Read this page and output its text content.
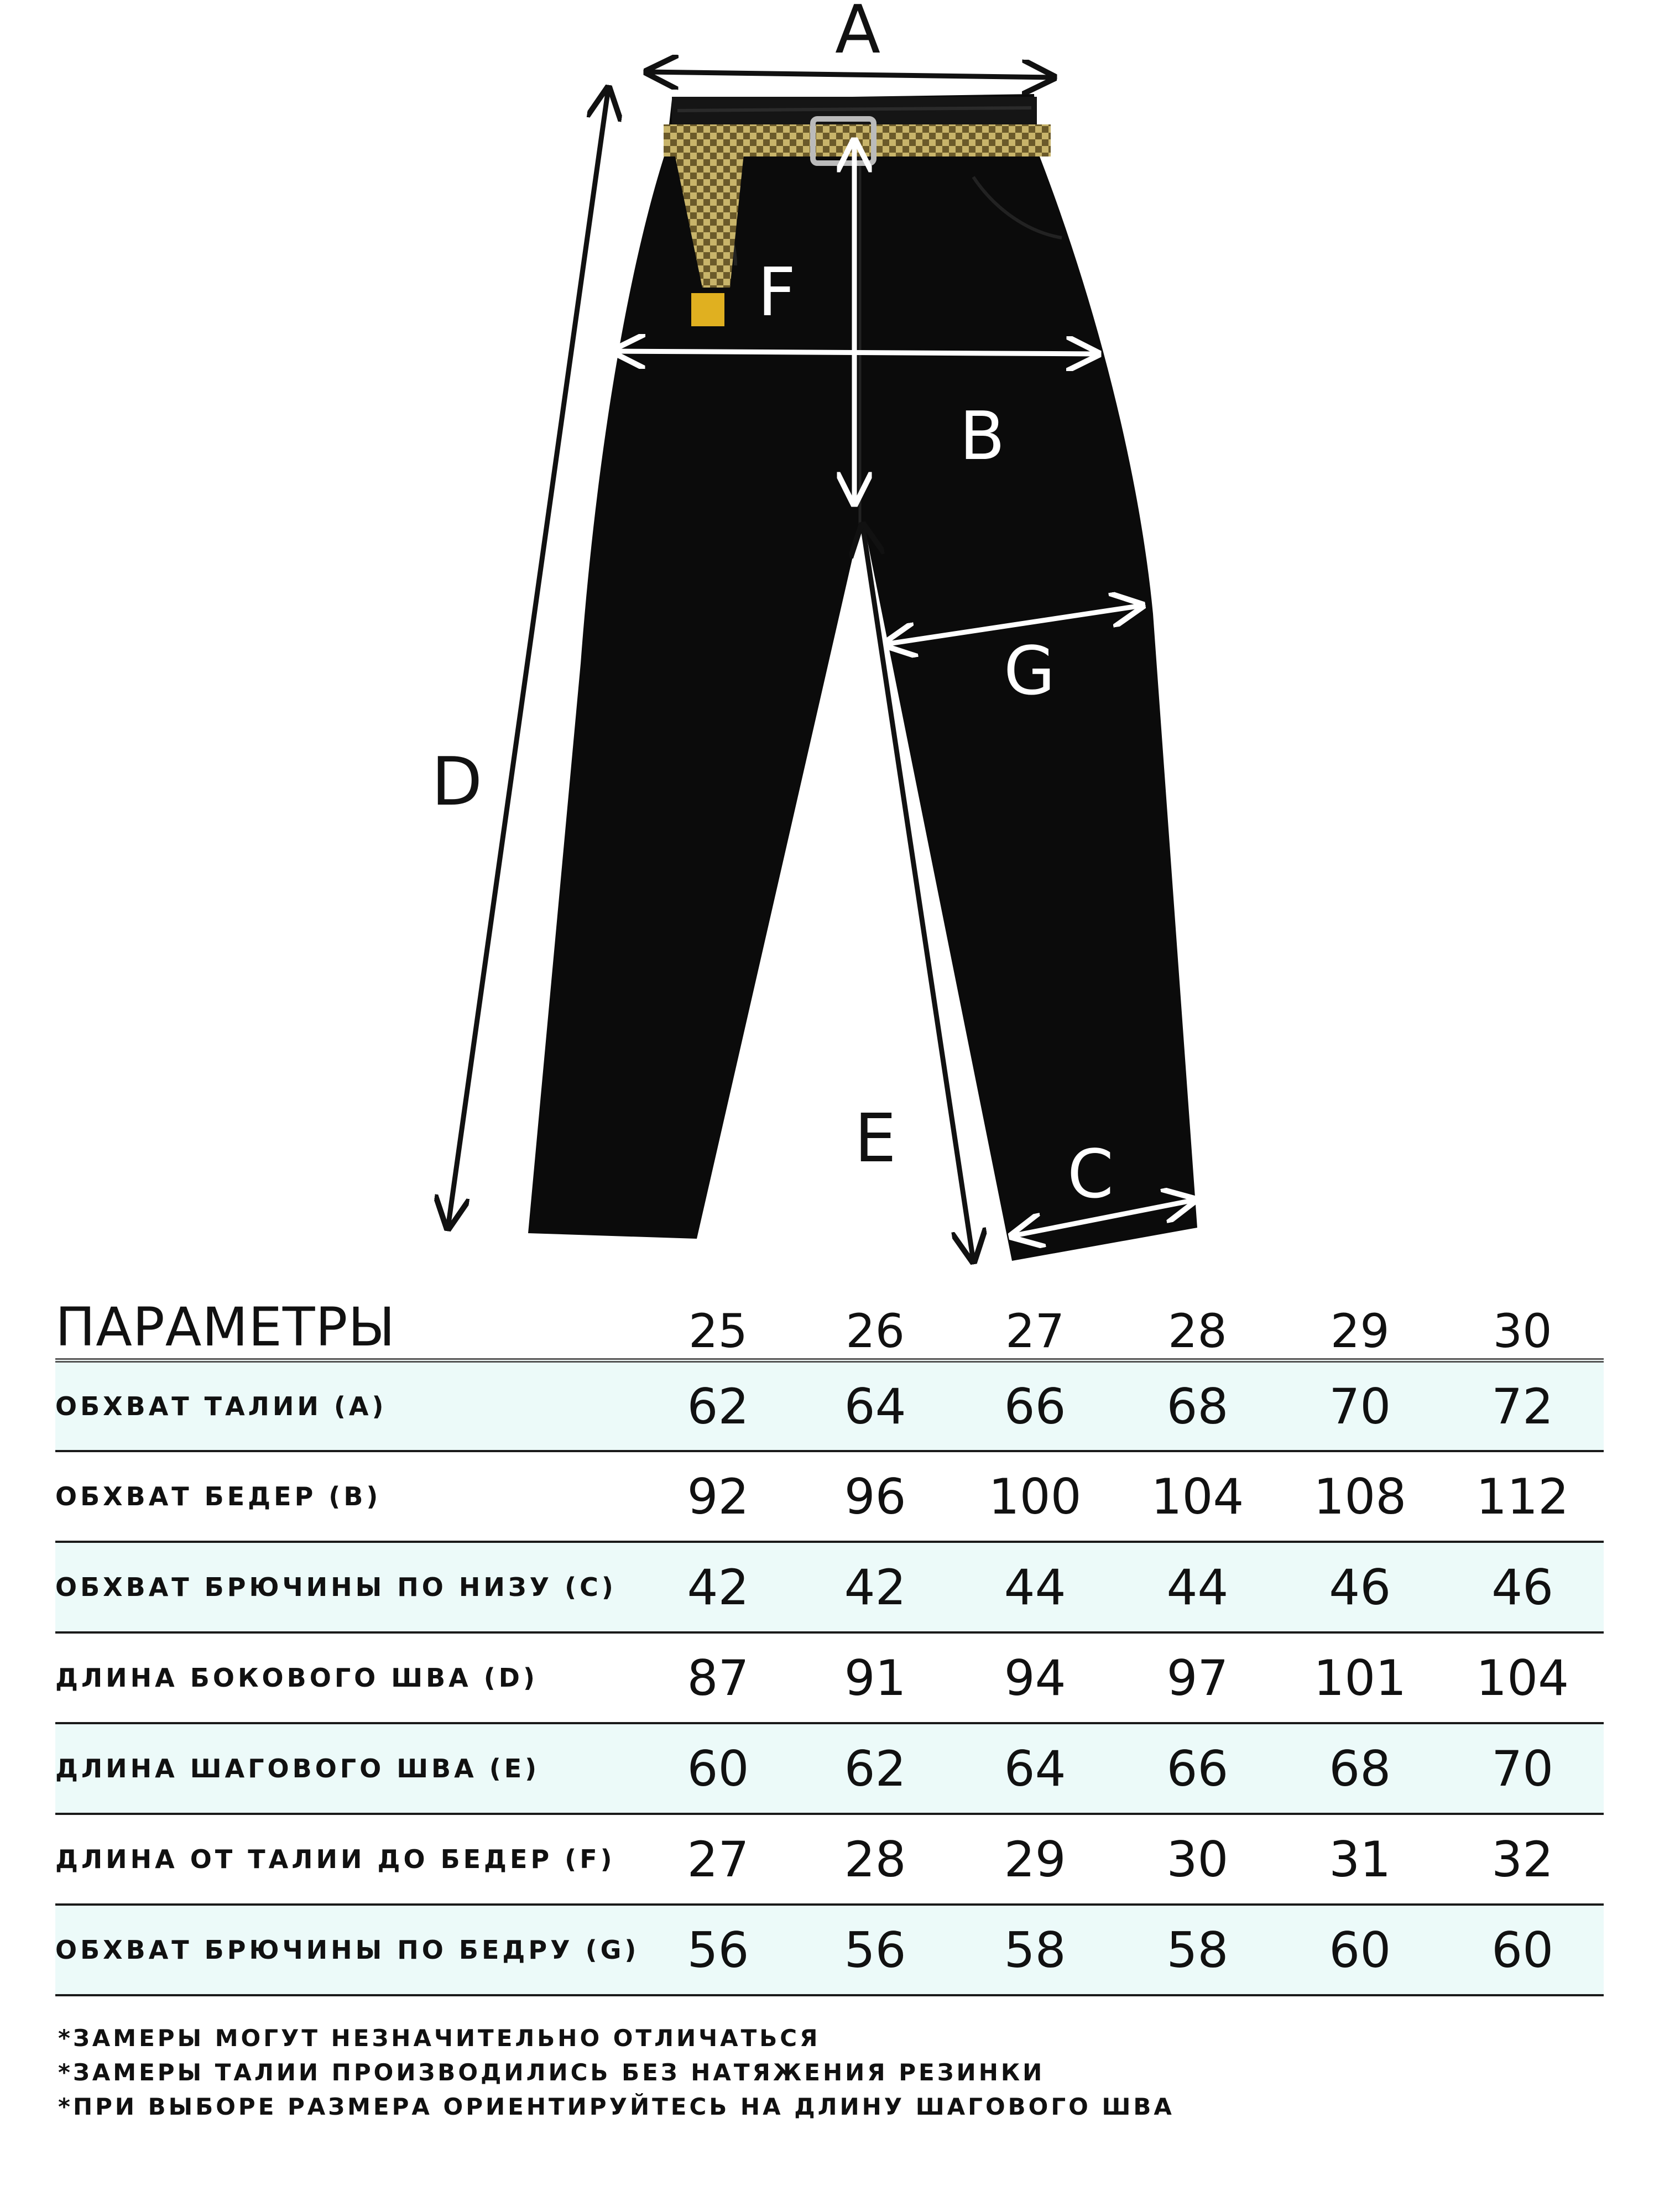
A
F
B
G
D
E	C
ПАРАМЕТРЫ	25	26	27	28	29	30
ОБХВАТ ТАЛИИ (A)	62	64	66	68	70	72
ОБХВАТ БЕДЕР (B)	92	96	100	104	108	112
ОБХВАТ БРЮЧИНЫ ПО НИЗУ (C)	42	42	44	44	46	46
ДЛИНА БОКОВОГО ШВА (D)	87	91	94	97	101	104
ДЛИНА ШАГОВОГО ШВА (E)	60	62	64	66	68	70
ДЛИНА ОТ ТАЛИИ ДО БЕДЕР (F)	27	28	29	30	31	32
ОБХВАТ БРЮЧИНЫ ПО БЕДРУ (G)	56	56	58	58	60	60
*ЗАМЕРЫ МОГУТ НЕЗНАЧИТЕЛЬНО ОТЛИЧАТЬСЯ
*ЗАМЕРЫ ТАЛИИ ПРОИЗВОДИЛИСЬ БЕЗ НАТЯЖЕНИЯ РЕЗИНКИ
*ПРИ ВЫБОРЕ РАЗМЕРА ОРИЕНТИРУЙТЕСЬ НА ДЛИНУ ШАГОВОГО ШВА
